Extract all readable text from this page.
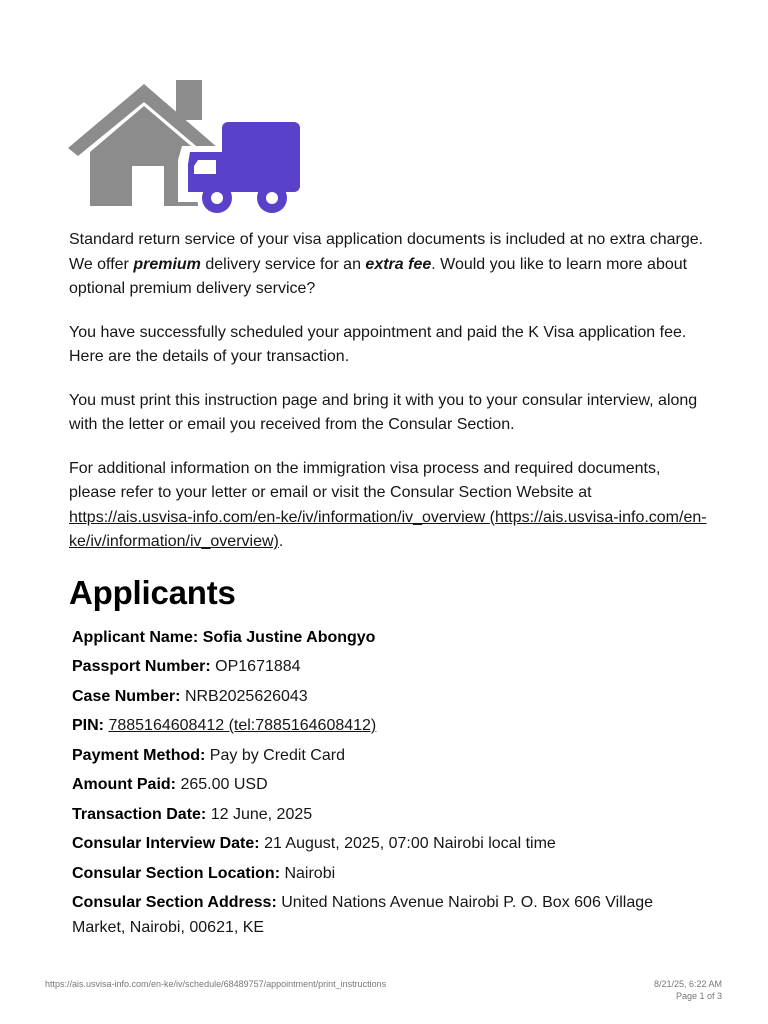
Standard return service of your visa application documents is included at no extra charge. We offer premium delivery service for an extra fee. Would you like to learn more about optional premium delivery service?

You have successfully scheduled your appointment and paid the K Visa application fee. Here are the details of your transaction.

You must print this instruction page and bring it with you to your consular interview, along with the letter or email you received from the Consular Section.

For additional information on the immigration visa process and required documents, please refer to your letter or email or visit the Consular Section Website at https://ais.usvisa-info.com/en-ke/iv/information/iv_overview (https://ais.usvisa-info.com/en-ke/iv/information/iv_overview).

Applicants
Applicant Name: Sofia Justine Abongyo
Passport Number: OP1671884
Case Number: NRB2025626043
PIN: 7885164608412 (tel:7885164608412)
Payment Method: Pay by Credit Card
Amount Paid: 265.00 USD
Transaction Date: 12 June, 2025
Consular Interview Date: 21 August, 2025, 07:00 Nairobi local time
Consular Section Location: Nairobi
Consular Section Address: United Nations Avenue Nairobi P. O. Box 606 Village Market, Nairobi, 00621, KE
https://ais.usvisa-info.com/en-ke/iv/schedule/68489757/appointment/print_instructions	8/21/25, 6:22 AM
Page 1 of 3
